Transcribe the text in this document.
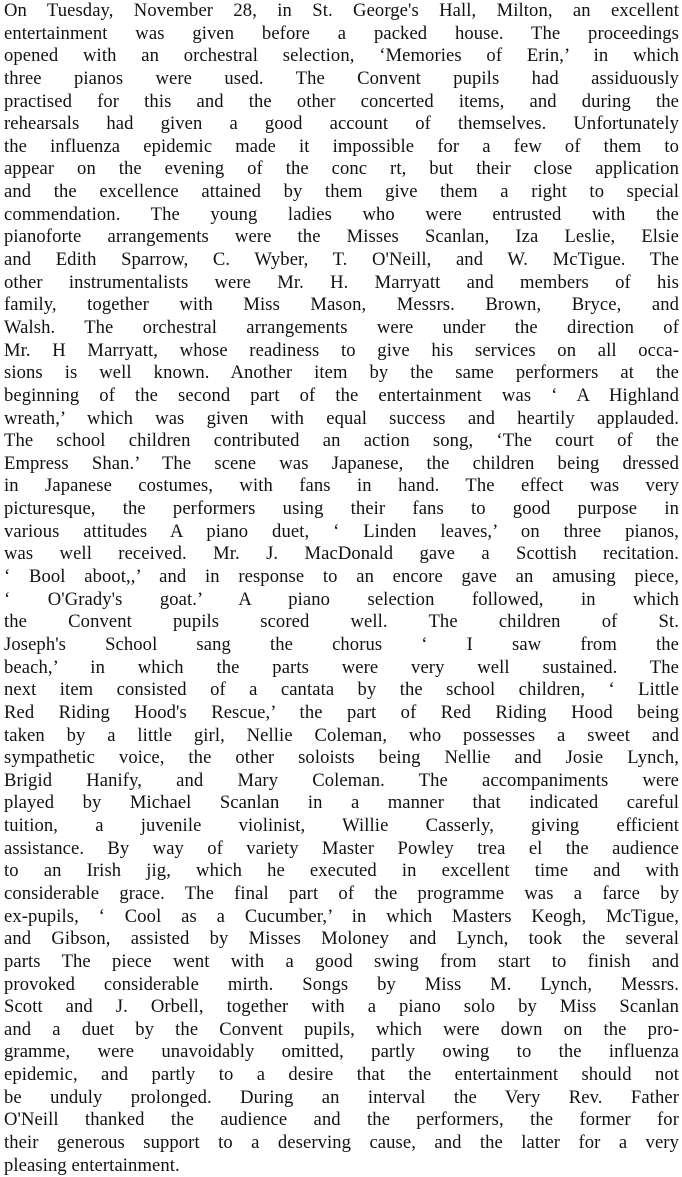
On Tuesday, November 28, in St. George's Hall, Milton, an excellent
entertainment was given before a packed house. The proceedings
opened with an orchestral selection, ‘Memories of Erin,’ in which
three pianos were used. The Convent pupils had assiduously
practised for this and the other concerted items, and during the
rehearsals had given a good account of themselves. Unfortunately
the influenza epidemic made it impossible for a few of them to
appear on the evening of the conc rt, but their close application
and the excellence attained by them give them a right to special
commendation. The young ladies who were entrusted with the
pianoforte arrangements were the Misses Scanlan, Iza Leslie, Elsie
and Edith Sparrow, C. Wyber, T. O'Neill, and W. McTigue. The
other instrumentalists were Mr. H. Marryatt and members of his
family, together with Miss Mason, Messrs. Brown, Bryce, and
Walsh. The orchestral arrangements were under the direction of
Mr. H Marryatt, whose readiness to give his services on all occa-
sions is well known. Another item by the same performers at the
beginning of the second part of the entertainment was ‘ A Highland
wreath,’ which was given with equal success and heartily applauded.
The school children contributed an action song, ‘The court of the
Empress Shan.’ The scene was Japanese, the children being dressed
in Japanese costumes, with fans in hand. The effect was very
picturesque, the performers using their fans to good purpose in
various attitudes A piano duet, ‘ Linden leaves,’ on three pianos,
was well received. Mr. J. MacDonald gave a Scottish recitation.
‘ Bool aboot,,’ and in response to an encore gave an amusing piece,
‘ O'Grady's goat.’ A piano selection followed, in which
the Convent pupils scored well. The children of St.
Joseph's School sang the chorus ‘ I saw from the
beach,’ in which the parts were very well sustained. The
next item consisted of a cantata by the school children, ‘ Little
Red Riding Hood's Rescue,’ the part of Red Riding Hood being
taken by a little girl, Nellie Coleman, who possesses a sweet and
sympathetic voice, the other soloists being Nellie and Josie Lynch,
Brigid Hanify, and Mary Coleman. The accompaniments were
played by Michael Scanlan in a manner that indicated careful
tuition, a juvenile violinist, Willie Casserly, giving efficient
assistance. By way of variety Master Powley trea el the audience
to an Irish jig, which he executed in excellent time and with
considerable grace. The final part of the programme was a farce by
ex-pupils, ‘ Cool as a Cucumber,’ in which Masters Keogh, McTigue,
and Gibson, assisted by Misses Moloney and Lynch, took the several
parts The piece went with a good swing from start to finish and
provoked considerable mirth. Songs by Miss M. Lynch, Messrs.
Scott and J. Orbell, together with a piano solo by Miss Scanlan
and a duet by the Convent pupils, which were down on the pro-
gramme, were unavoidably omitted, partly owing to the influenza
epidemic, and partly to a desire that the entertainment should not
be unduly prolonged. During an interval the Very Rev. Father
O'Neill thanked the audience and the performers, the former for
their generous support to a deserving cause, and the latter for a very
pleasing entertainment.
